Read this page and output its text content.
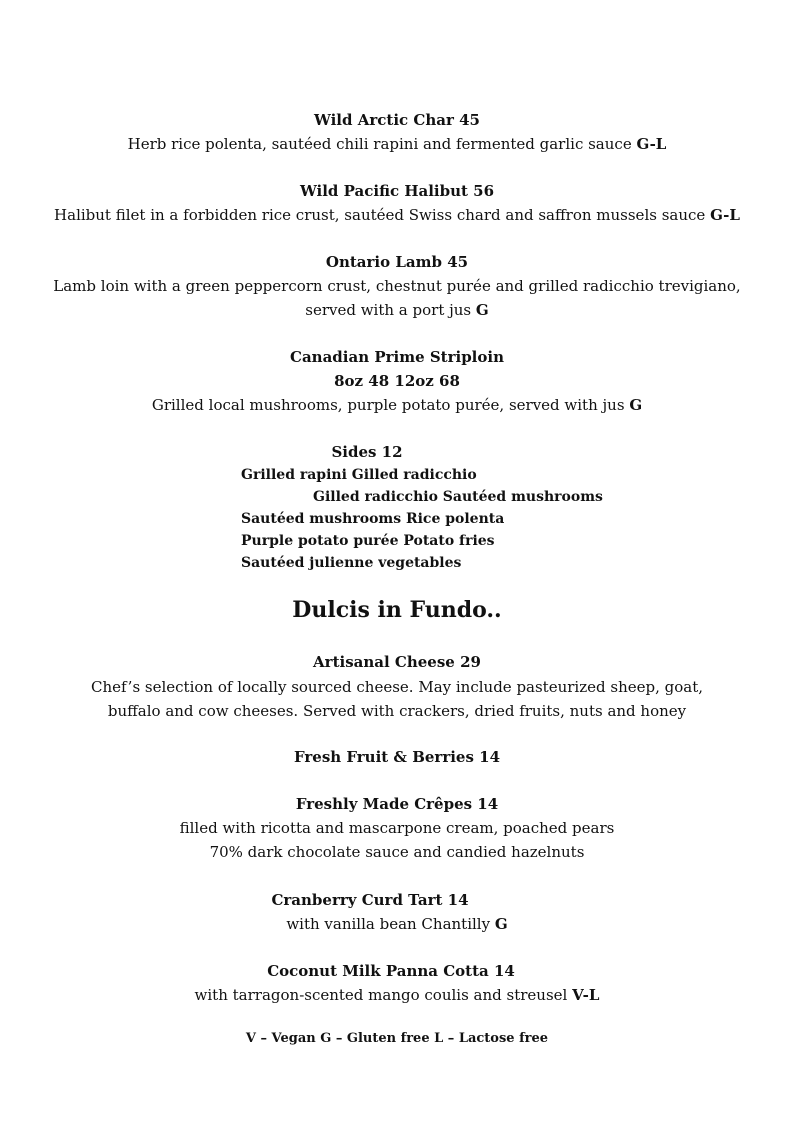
Wild Arctic Char 45
Herb rice polenta, sautéed chili rapini and fermented garlic sauce G-L
Wild Pacific Halibut 56
Halibut filet in a forbidden rice crust, sautéed Swiss chard and saffron mussels sauce G-L
Ontario Lamb 45
Lamb loin with a green peppercorn crust, chestnut purée and grilled radicchio trevigiano,
served with a port jus G
Canadian Prime Striploin
8oz 48 12oz 68
Grilled local mushrooms, purple potato purée, served with jus G
Sides 12
Grilled rapini Gilled radicchio
Gilled radicchio Sautéed mushrooms
Sautéed mushrooms Rice polenta
Purple potato purée Potato fries
Sautéed julienne vegetables
Dulcis in Fundo..
Artisanal Cheese 29
Chef’s selection of locally sourced cheese. May include pasteurized sheep, goat,
buffalo and cow cheeses. Served with crackers, dried fruits, nuts and honey
Fresh Fruit & Berries 14
Freshly Made Crêpes 14
filled with ricotta and mascarpone cream, poached pears
70% dark chocolate sauce and candied hazelnuts
Cranberry Curd Tart 14
with vanilla bean Chantilly G
Coconut Milk Panna Cotta 14
with tarragon-scented mango coulis and streusel V-L
V – Vegan G – Gluten free L – Lactose free
